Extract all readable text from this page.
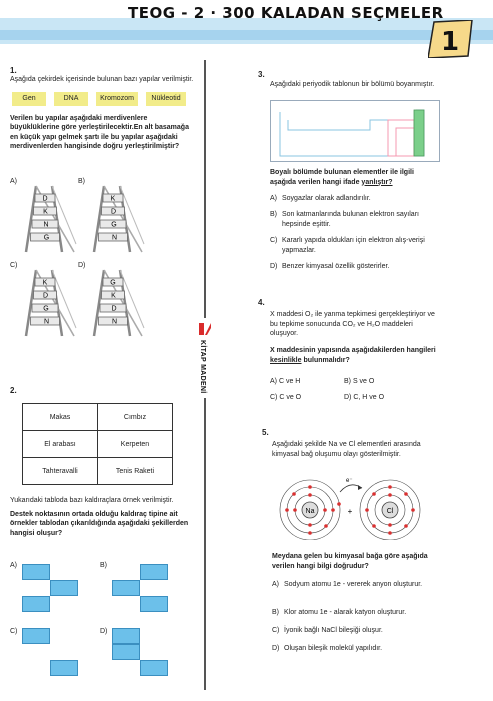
TEOG - 2 · 300 KALADAN SEÇMELER
1
KİTAP MADENİ
1.
Aşağıda çekirdek içerisinde bulunan bazı yapılar verilmiştir.
Gen	DNA	Kromozom	Nükleotid
Verilen bu yapılar aşağıdaki merdivenlere büyüklüklerine göre yerleştirilecektir.En alt basamağa en küçük yapı gelmek şartı ile bu yapılar aşağıdaki merdivenlerden hangisinde doğru yerleştirilmiştir?
A)
D
K
N
G
B)
K
D
G
N
C)
K
D
G
N
D)
G
K
D
N
2.
Makas	Cımbız
El arabası	Kerpeten
Tahteravalli	Tenis Raketi
Yukarıdaki tabloda bazı kaldıraçlara örnek verilmiştir.
Destek noktasının ortada olduğu kaldıraç tipine ait örnekler tablodan çıkarıldığında aşağıdaki şekillerden hangisi oluşur?
A)	B)
C)	D)
3.
Aşağıdaki periyodik tablonun bir bölümü boyanmıştır.
Boyalı bölümde bulunan elementler ile ilgili aşağıda verilen hangi ifade yanlıştır?
A) Soygazlar olarak adlandırılır.
B) Son katmanlarında bulunan elektron sayıları hepsinde eşittir.
C) Kararlı yapıda oldukları için elektron alış-verişi yapmazlar.
D) Benzer kimyasal özellik gösterirler.
4.
X maddesi O₂ ile yanma tepkimesi gerçekleştiriyor ve bu tepkime sonucunda CO₂ ve H₂O maddeleri oluşuyor.
X maddesinin yapısında aşağıdakilerden hangileri kesinlikle bulunmalıdır?
A) C ve H	B) S ve O
C) C ve O	D) C, H ve O
5.
Aşağıdaki şekilde Na ve Cl elementleri arasında kimyasal bağ oluşumu olayı gösterilmiştir.
Na	Cl
e⁻
+
Meydana gelen bu kimyasal bağa göre aşağıda verilen hangi bilgi doğrudur?
A) Sodyum atomu 1e - vererek anyon oluşturur.
B) Klor atomu 1e - alarak katyon oluşturur.
C) İyonik bağlı NaCl bileşiği oluşur.
D) Oluşan bileşik molekül yapılıdır.
